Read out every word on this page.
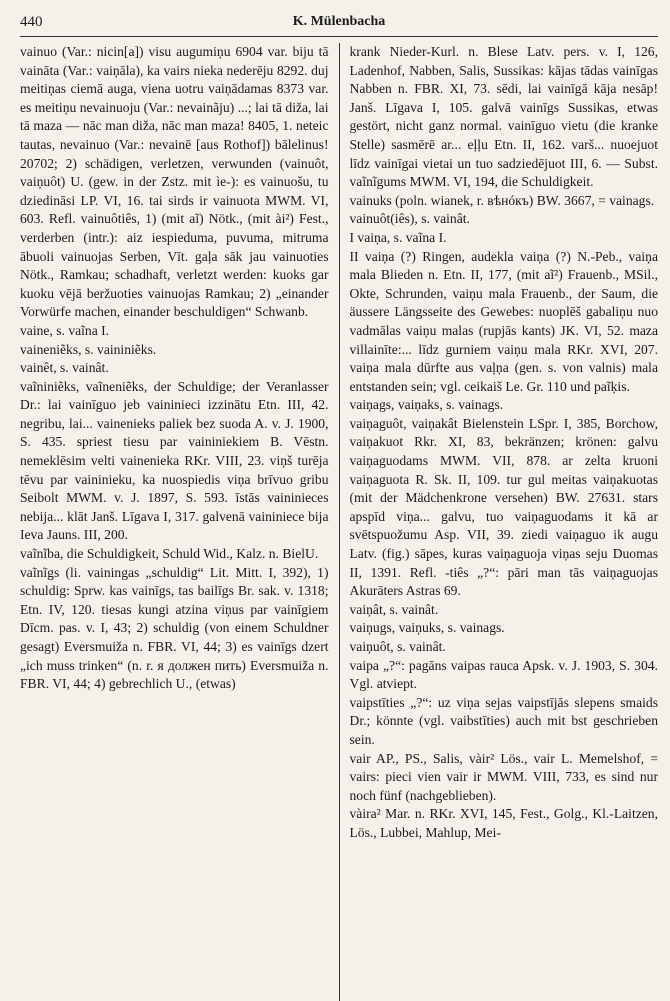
440	K. Mülenbacha

vainuo (Var.: nicin[a]) visu augumiņu 6904 var. biju tā vainātа (Var.: vaiņāla), ka vairs nieka nederēju 8292. duj meitiņas ciemā auga, viena uotru vaiņādamas 8373 var. es meitiņu nevainuoju (Var.: nevainãju) ...; lai tā diža, lai tā maza — nāc man diža, nāc man maza! 8405, 1. neteic tautas, nevainuo (Var.: nevainē [aus Rothof]) bālelinus! 20702; 2) schädigen, verletzen, verwunden (vainuôt, vaiņuôt) U. (gew. in der Zstz. mit ìe-): es vainuošu, tu dziedināsi LP. VI, 16. tai sirds ir vainuota MWM. VI, 603. Refl. vainuôtiês, 1) (mit aĩ) Nötk., (mit ài²) Fest., verderben (intr.): aiz iespieduma, puvuma, mitruma ābuolі vainuojas Serben, Vīt. gaļa sāk jau vainuoties Nötk., Ramkau; schadhaft, verletzt werden: kuoks gar kuoku vējā beržuoties vainuojas Ramkau; 2) „einander Vorwürfe machen, einander beschuldigen“ Schwanb.

vaine, s. vaĩna I.

vaineniẽks, s. vaininiẽks.

vainêt, s. vainât.

vaĩniniẽks, vaĩneniẽks, der Schuldige; der Veranlasser Dr.: lai vainīguo jeb vaininiecі izzinātu Etn. III, 42. negribu, lai... vainenieks paliek bez suoda A. v. J. 1900, S. 435. spriest tiesu par vaininiekiem B. Vēstn. nemeklēsim velti vainenieka RKr. VIII, 23. viņš turēja tēvu par vaininieku, ka nuospiedis viņa brīvuo gribu Seibolt MWM. v. J. 1897, S. 593. īstās vaininieces nebija... klāt Janš. Līgava I, 317. galvenā vaininiece bija Ieva Jauns. III, 200.

vaĩnĩba, die Schuldigkeit, Schuld Wid., Kalz. n. BielU.

vaĩnĩgs (li. vainingas „schuldig“ Lit. Mitt. I, 392), 1) schuldig: Sprw. kas vainīgs, tas bailīgs Br. sak. v. 1318; Etn. IV, 120. tiesas kungi atzina viņus par vainīgiem Dīcm. pas. v. I, 43; 2) schuldig (von einem Schuldner gesagt) Eversmuiža n. FBR. VI, 44; 3) es vainīgs dzert „ich muss trinken“ (n. r. я должен пить) Eversmuiža n. FBR. VI, 44; 4) gebrechlich U., (etwas)

krank Nieder-Kurl. n. Blese Latv. pers. v. I, 126, Ladenhof, Nabben, Salis, Sussikas: kājas tādas vainīgas Nabben n. FBR. XI, 73. sēdi, lai vainīgā kāja nesāp! Janš. Līgava I, 105. galvā vainīgs Sussikas, etwas gestört, nicht ganz normal. vainīguo vietu (die kranke Stelle) sasmērē ar... eļļu Etn. II, 162. varš... nuoejuot līdz vainīgai vietai un tuo sadziedējuot III, 6. — Subst. vaĩnĩgums MWM. VI, 194, die Schuldigkeit.

vainuks (poln. wianek, r. вѣнóкъ) BW. 3667, = vainags.

vainuôt(iês), s. vainât.

I vaiņa, s. vaĩna I.

II vaiņa (?) Ringen, audekla vaiņa (?) N.-Peb., vaiņa mala Blieden n. Etn. II, 177, (mit aĩ²) Frauenb., MSil., Okte, Schrunden, vaiņu mala Frauenb., der Saum, die äussere Längsseite des Gewebes: nuoplēš gabaliņu nuo vadmālas vaiņu malas (rupjās kants) JK. VI, 52. maza villainīte:... līdz gurniem vaiņu mala RKr. XVI, 207. vaiņa mala dūrfte aus vaļņa (gen. s. von valnis) mala entstanden sein; vgl. ceikaiš Le. Gr. 110 und paĩķis.

vaiņags, vaiņaks, s. vainags.

vaiņaguôt, vaiņakât Bielenstein LSpr. I, 385, Borchow, vaiņakuot Rkr. XI, 83, bekränzen; krönen: galvu vaiņaguodams MWM. VII, 878. ar zelta kruoni vaiņaguota R. Sk. II, 109. tur gul meitas vaiņakuotas (mit der Mädchenkrone versehen) BW. 27631. stars apspīd viņa... galvu, tuo vaiņaguodams it kā ar svētspuožumu Asp. VII, 39. ziedi vaiņaguo ik augu Latv. (fig.) sāpes, kuras vaiņaguoja viņas seju Duomas II, 1391. Refl. -tiês „?“: pāri man tās vaiņaguojas Akurāters Astras 69.

vaiņât, s. vainât.

vaiņugs, vaiņuks, s. vainags.

vaiņuôt, s. vainât.

vaipa „?“: pagāns vaipas rauca Apsk. v. J. 1903, S. 304. Vgl. atviept.

vaipstīties „?“: uz viņa sejas vaipstījās slepens smaids Dr.; könnte (vgl. vaibstīties) auch mit bst geschrieben sein.

vair AP., PS., Salis, vàir² Lös., vair L. Memelshof, = vairs: pieci vien vair ir MWM. VIII, 733, es sind nur noch fünf (nachgeblieben).

vàira² Mar. n. RKr. XVI, 145, Fest., Golg., Kl.-Laitzen, Lös., Lubbei, Mahlup, Mei-
